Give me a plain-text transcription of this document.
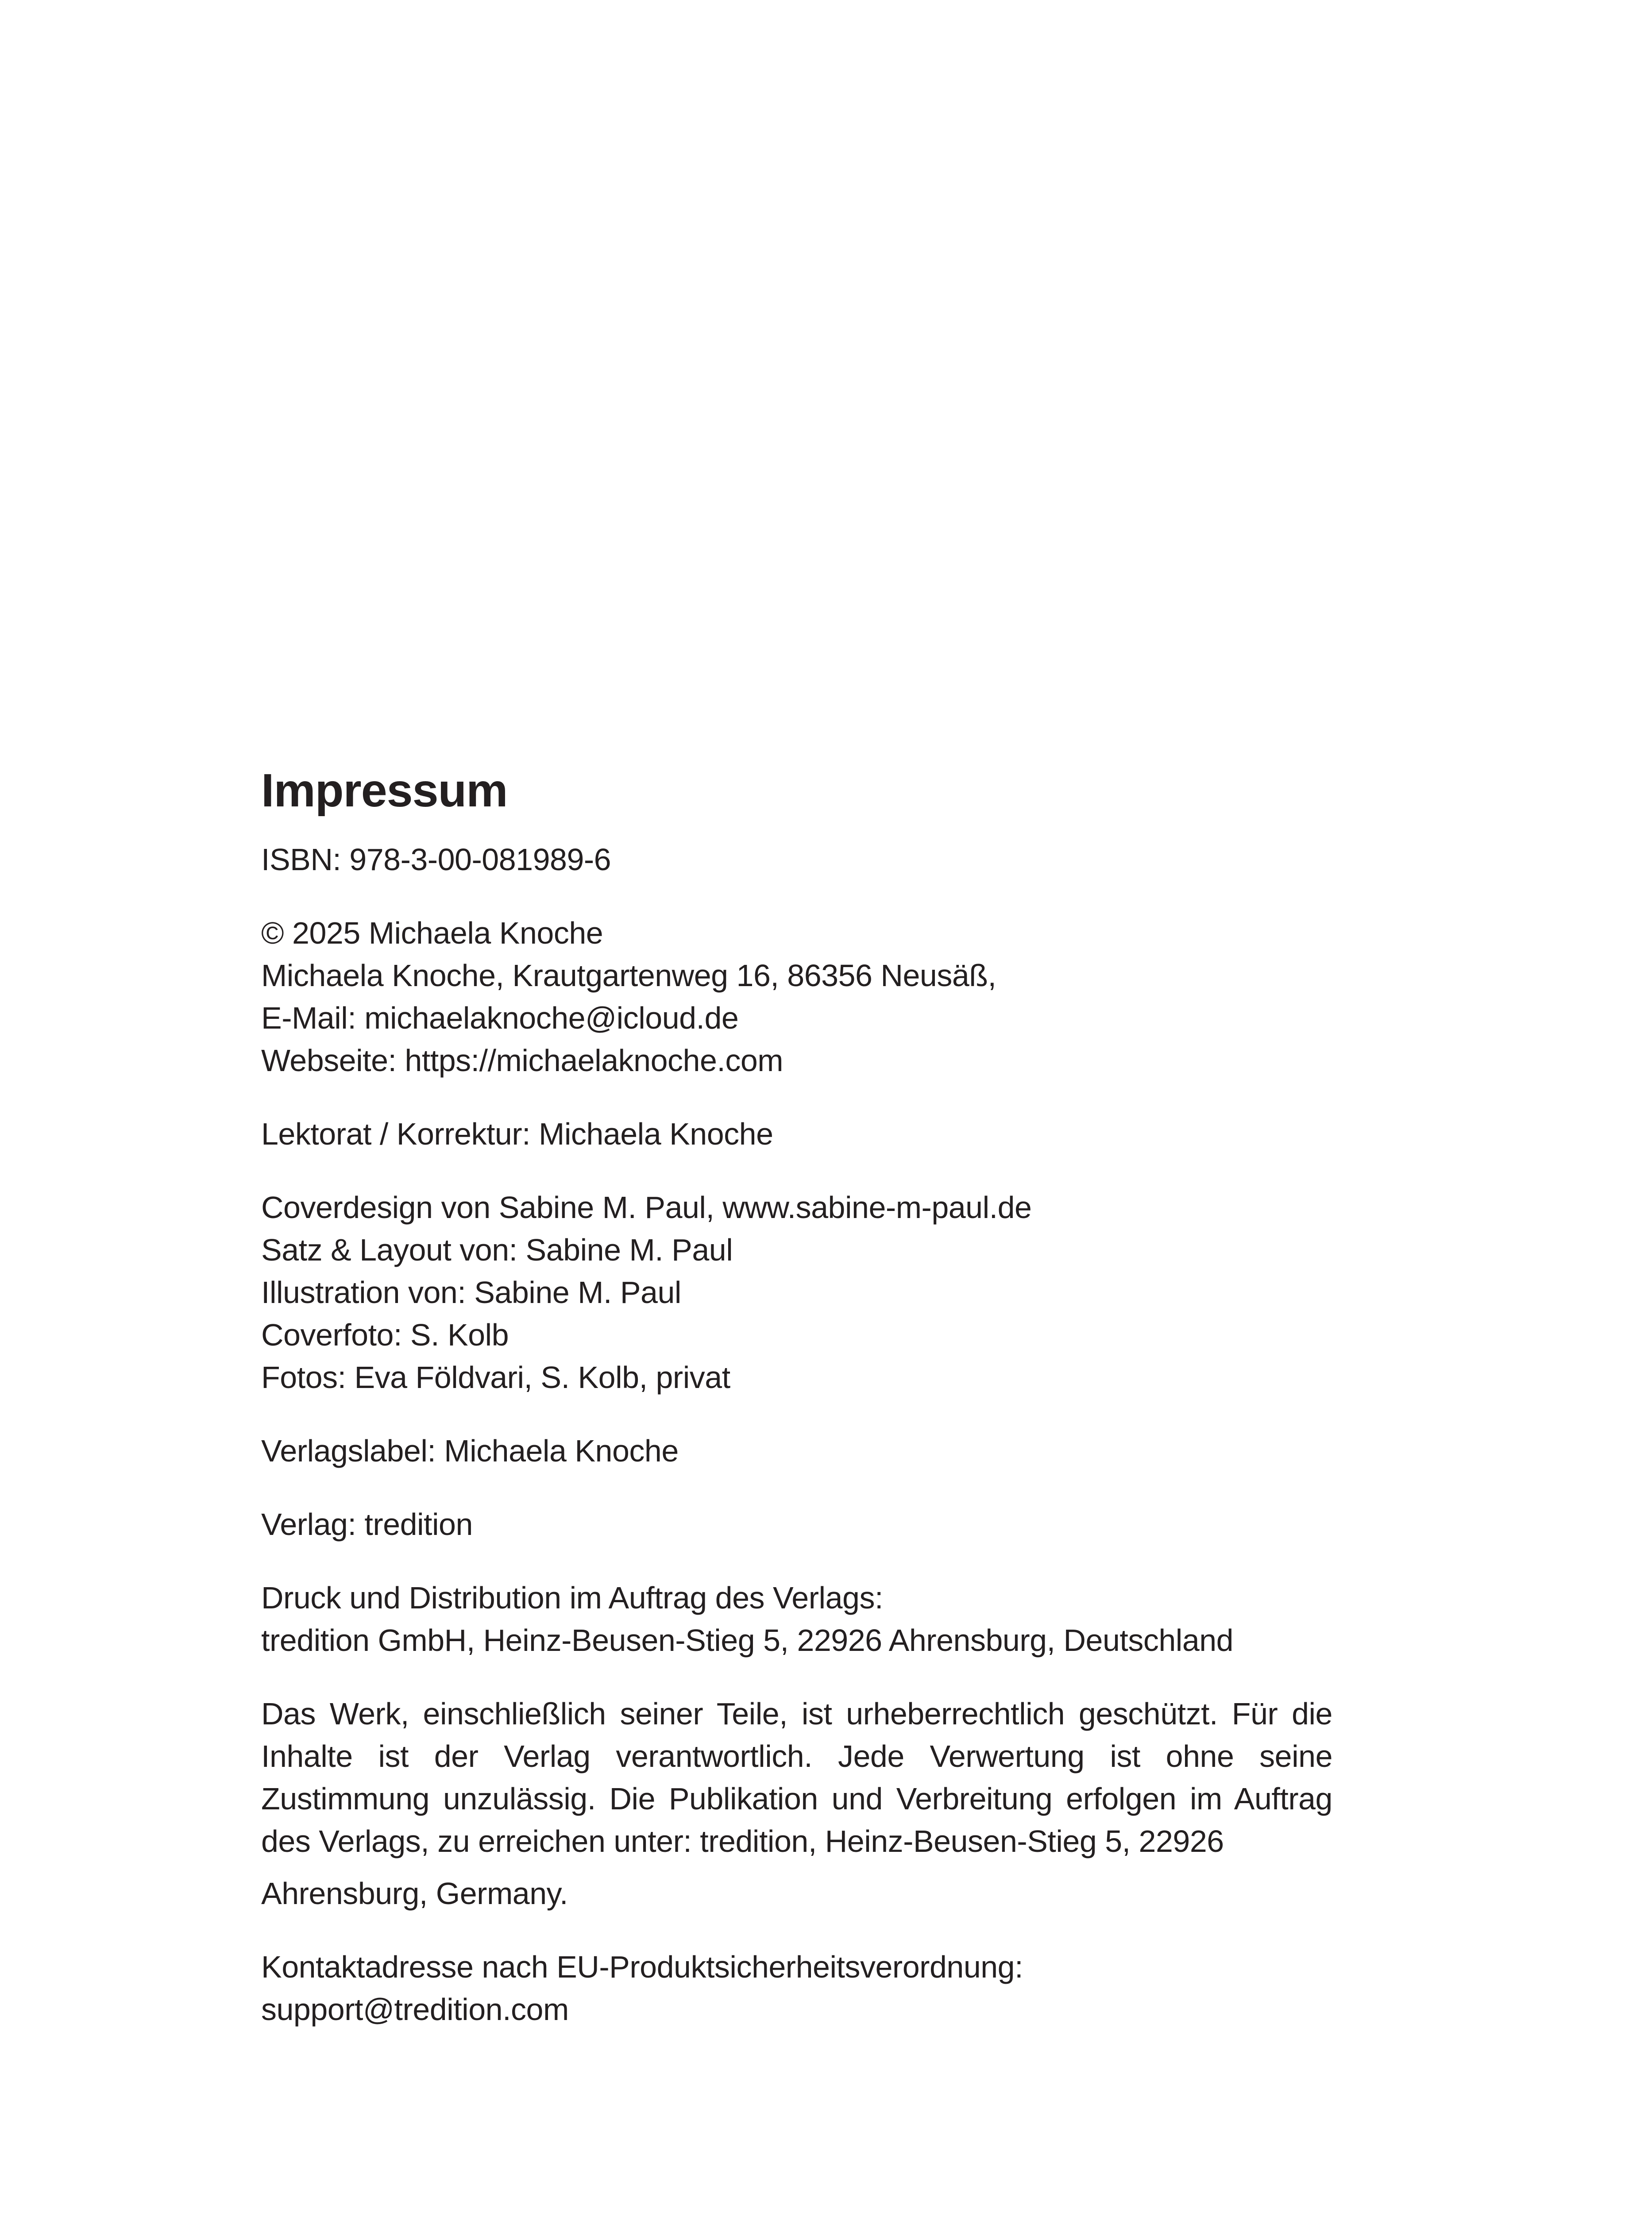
Impressum
ISBN: 978-3-00-081989-6
© 2025 Michaela Knoche
Michaela Knoche, Krautgartenweg 16, 86356 Neusäß,
E-Mail: michaelaknoche@icloud.de
Webseite: https://michaelaknoche.com
Lektorat / Korrektur: Michaela Knoche
Coverdesign von Sabine M. Paul, www.sabine-m-paul.de
Satz & Layout von: Sabine M. Paul
Illustration von: Sabine M. Paul
Coverfoto: S. Kolb
Fotos: Eva Földvari, S. Kolb, privat
Verlagslabel: Michaela Knoche
Verlag: tredition
Druck und Distribution im Auftrag des Verlags:
tredition GmbH, Heinz-Beusen-Stieg 5, 22926 Ahrensburg, Deutschland
Das Werk, einschließlich seiner Teile, ist urheberrechtlich geschützt. Für die Inhalte ist der Verlag verantwortlich. Jede Verwertung ist ohne seine Zustimmung unzulässig. Die Publikation und Verbreitung erfolgen im Auftrag des Verlags, zu erreichen unter: tredition, Heinz-Beusen-Stieg 5, 22926
Ahrensburg, Germany.
Kontaktadresse nach EU-Produktsicherheitsverordnung:
support@tredition.com
